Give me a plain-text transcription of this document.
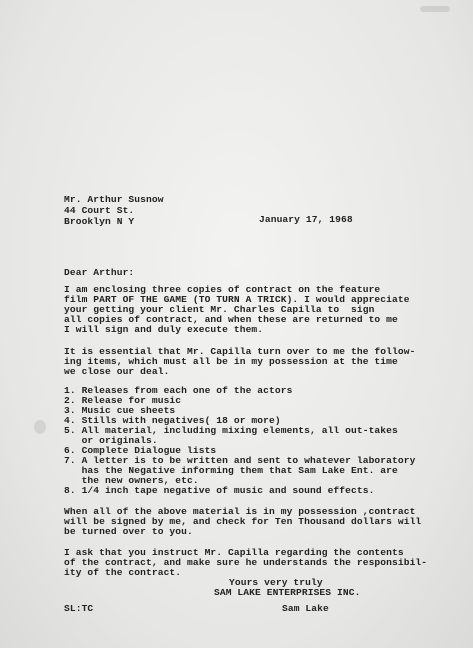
Mr. Arthur Susnow
44 Court St.
Brooklyn N Y	January 17, 1968
Dear Arthur:
I am enclosing three copies of contract on the feature
film PART OF THE GAME (TO TURN A TRICK). I would appreciate
your getting your client Mr. Charles Capilla to  sign
all copies of contract, and when these are returned to me
I will sign and duly execute them.
It is essential that Mr. Capilla turn over to me the follow-
ing items, which must all be in my possession at the time
we close our deal.
1. Releases from each one of the actors
2. Release for music
3. Music cue sheets
4. Stills with negatives( 18 or more)
5. All material, including mixing elements, all out-takes
or originals.
6. Complete Dialogue lists
7. A letter is to be written and sent to whatever laboratory
has the Negative informing them that Sam Lake Ent. are
the new owners, etc.
8. 1/4 inch tape negative of music and sound effects.
When all of the above material is in my possession ,contract
will be signed by me, and check for Ten Thousand dollars will
be turned over to you.
I ask that you instruct Mr. Capilla regarding the contents
of the contract, and make sure he understands the responsibil-
ity of the contract.
Yours very truly
SAM LAKE ENTERPRISES INC.
SL:TC	Sam Lake
